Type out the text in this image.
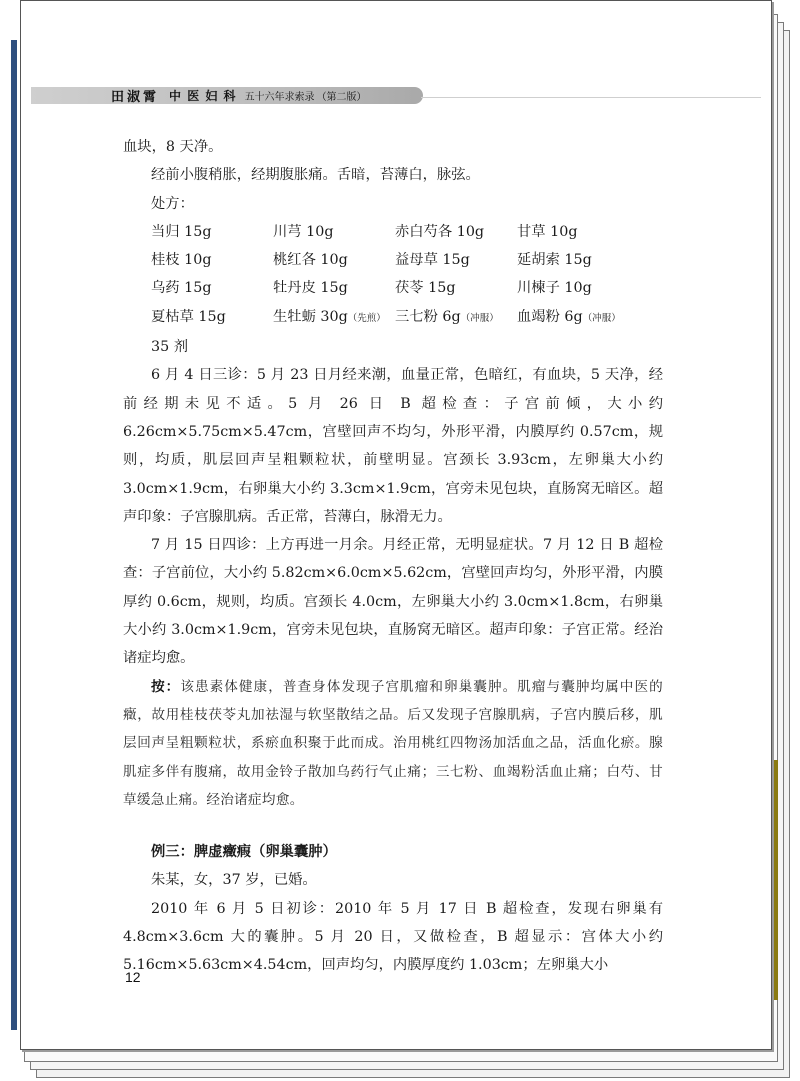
田淑霄 中 医 妇 科 五十六年求索录 （第二版）

血块，8 天净。

经前小腹稍胀，经期腹胀痛。舌暗，苔薄白，脉弦。

处方：

当归 15g	川芎 10g	赤白芍各 10g	甘草 10g
桂枝 10g	桃红各 10g	益母草 15g	延胡索 15g
乌药 15g	牡丹皮 15g	茯苓 15g	川楝子 10g
夏枯草 15g	生牡蛎 30g（先煎） 三七粉 6g（冲服）	血竭粉 6g（冲服）

35 剂

6 月 4 日三诊：5 月 23 日月经来潮，血量正常，色暗红，有血块，5 天净，经前经期未见不适。5 月 26 日 B 超检查：子宫前倾，大小约 6.26cm×5.75cm×5.47cm，宫壁回声不均匀，外形平滑，内膜厚约 0.57cm，规则，均质，肌层回声呈粗颗粒状，前壁明显。宫颈长 3.93cm，左卵巢大小约 3.0cm×1.9cm，右卵巢大小约 3.3cm×1.9cm，宫旁未见包块，直肠窝无暗区。超声印象：子宫腺肌病。舌正常，苔薄白，脉滑无力。

7 月 15 日四诊：上方再进一月余。月经正常，无明显症状。7 月 12 日 B 超检查：子宫前位，大小约 5.82cm×6.0cm×5.62cm，宫壁回声均匀，外形平滑，内膜厚约 0.6cm，规则，均质。宫颈长 4.0cm，左卵巢大小约 3.0cm×1.8cm，右卵巢大小约 3.0cm×1.9cm，宫旁未见包块，直肠窝无暗区。超声印象：子宫正常。经治诸症均愈。

按：该患素体健康，普查身体发现子宫肌瘤和卵巢囊肿。肌瘤与囊肿均属中医的癥，故用桂枝茯苓丸加祛湿与软坚散结之品。后又发现子宫腺肌病，子宫内膜后移，肌层回声呈粗颗粒状，系瘀血积聚于此而成。治用桃红四物汤加活血之品，活血化瘀。腺肌症多伴有腹痛，故用金铃子散加乌药行气止痛；三七粉、血竭粉活血止痛；白芍、甘草缓急止痛。经治诸症均愈。

例三：脾虚癥瘕（卵巢囊肿）

朱某，女，37 岁，已婚。

2010 年 6 月 5 日初诊：2010 年 5 月 17 日 B 超检查，发现右卵巢有 4.8cm×3.6cm 大的囊肿。5 月 20 日，又做检查，B 超显示：宫体大小约 5.16cm×5.63cm×4.54cm，回声均匀，内膜厚度约 1.03cm；左卵巢大小

12
